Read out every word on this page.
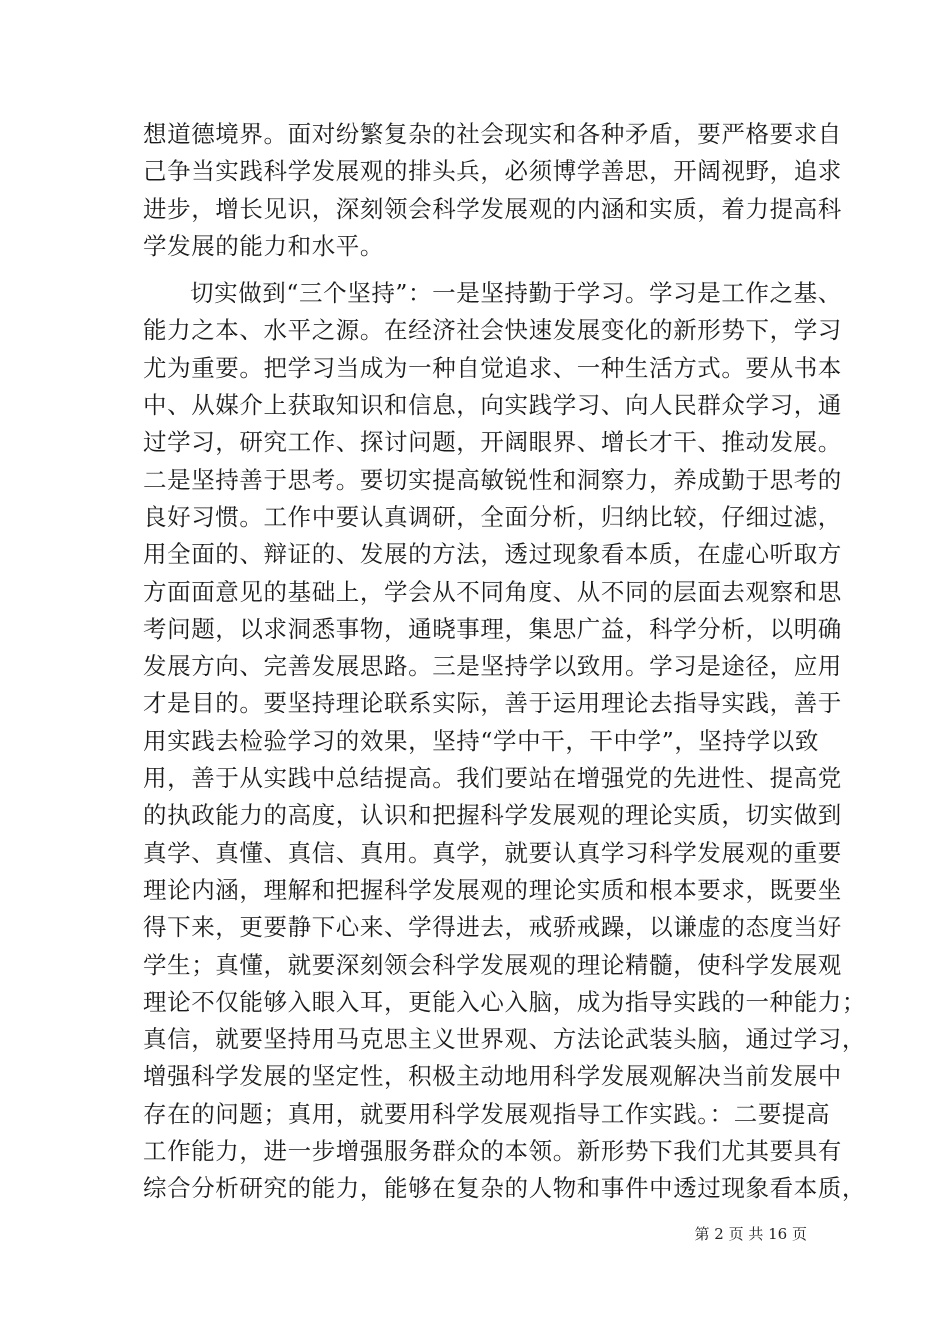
想道德境界。面对纷繁复杂的社会现实和各种矛盾，要严格要求自
己争当实践科学发展观的排头兵，必须博学善思，开阔视野，追求
进步，增长见识，深刻领会科学发展观的内涵和实质，着力提高科
学发展的能力和水平。
切实做到“三个坚持”：一是坚持勤于学习。学习是工作之基、
能力之本、水平之源。在经济社会快速发展变化的新形势下，学习
尤为重要。把学习当成为一种自觉追求、一种生活方式。要从书本
中、从媒介上获取知识和信息，向实践学习、向人民群众学习，通
过学习，研究工作、探讨问题，开阔眼界、增长才干、推动发展。
二是坚持善于思考。要切实提高敏锐性和洞察力，养成勤于思考的
良好习惯。工作中要认真调研，全面分析，归纳比较，仔细过滤，
用全面的、辩证的、发展的方法，透过现象看本质，在虚心听取方
方面面意见的基础上，学会从不同角度、从不同的层面去观察和思
考问题，以求洞悉事物，通晓事理，集思广益，科学分析，以明确
发展方向、完善发展思路。三是坚持学以致用。学习是途径，应用
才是目的。要坚持理论联系实际，善于运用理论去指导实践，善于
用实践去检验学习的效果，坚持“学中干，干中学”，坚持学以致
用，善于从实践中总结提高。我们要站在增强党的先进性、提高党
的执政能力的高度，认识和把握科学发展观的理论实质，切实做到
真学、真懂、真信、真用。真学，就要认真学习科学发展观的重要
理论内涵，理解和把握科学发展观的理论实质和根本要求，既要坐
得下来，更要静下心来、学得进去，戒骄戒躁，以谦虚的态度当好
学生；真懂，就要深刻领会科学发展观的理论精髓，使科学发展观
理论不仅能够入眼入耳，更能入心入脑，成为指导实践的一种能力；
真信，就要坚持用马克思主义世界观、方法论武装头脑，通过学习，
增强科学发展的坚定性，积极主动地用科学发展观解决当前发展中
存在的问题；真用，就要用科学发展观指导工作实践。：二要提高
工作能力，进一步增强服务群众的本领。新形势下我们尤其要具有
综合分析研究的能力，能够在复杂的人物和事件中透过现象看本质，
第 2 页 共 16 页
